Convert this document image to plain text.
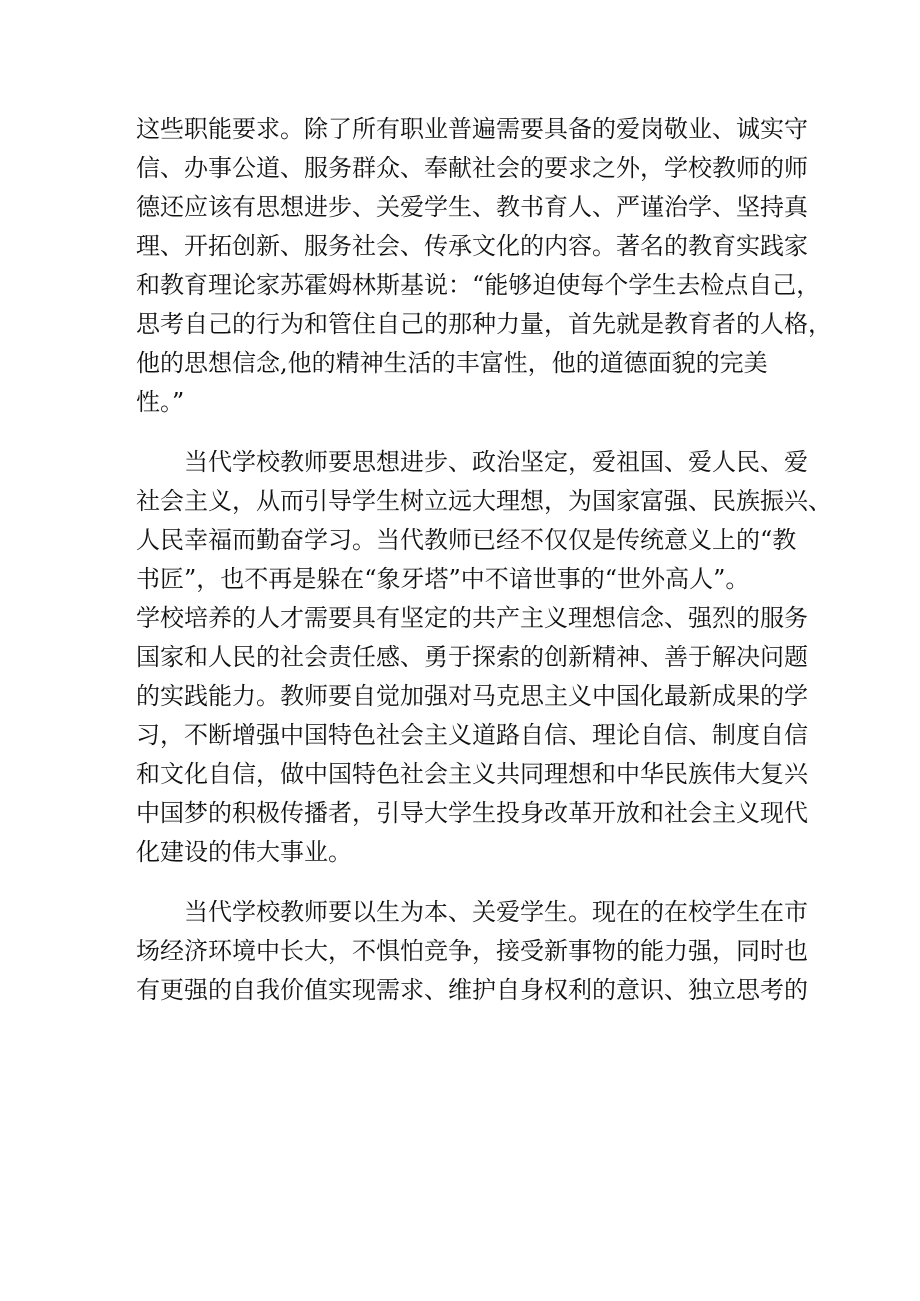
这些职能要求。除了所有职业普遍需要具备的爱岗敬业、诚实守
信、办事公道、服务群众、奉献社会的要求之外，学校教师的师
德还应该有思想进步、关爱学生、教书育人、严谨治学、坚持真
理、开拓创新、服务社会、传承文化的内容。著名的教育实践家
和教育理论家苏霍姆林斯基说：“能够迫使每个学生去检点自己，
思考自己的行为和管住自己的那种力量，首先就是教育者的人格，
他的思想信念,他的精神生活的丰富性，他的道德面貌的完美
性。”
当代学校教师要思想进步、政治坚定，爱祖国、爱人民、爱
社会主义，从而引导学生树立远大理想，为国家富强、民族振兴、
人民幸福而勤奋学习。当代教师已经不仅仅是传统意义上的“教
书匠”，也不再是躲在“象牙塔”中不谙世事的“世外高人”。
学校培养的人才需要具有坚定的共产主义理想信念、强烈的服务
国家和人民的社会责任感、勇于探索的创新精神、善于解决问题
的实践能力。教师要自觉加强对马克思主义中国化最新成果的学
习，不断增强中国特色社会主义道路自信、理论自信、制度自信
和文化自信，做中国特色社会主义共同理想和中华民族伟大复兴
中国梦的积极传播者，引导大学生投身改革开放和社会主义现代
化建设的伟大事业。
当代学校教师要以生为本、关爱学生。现在的在校学生在市
场经济环境中长大，不惧怕竞争，接受新事物的能力强，同时也
有更强的自我价值实现需求、维护自身权利的意识、独立思考的
